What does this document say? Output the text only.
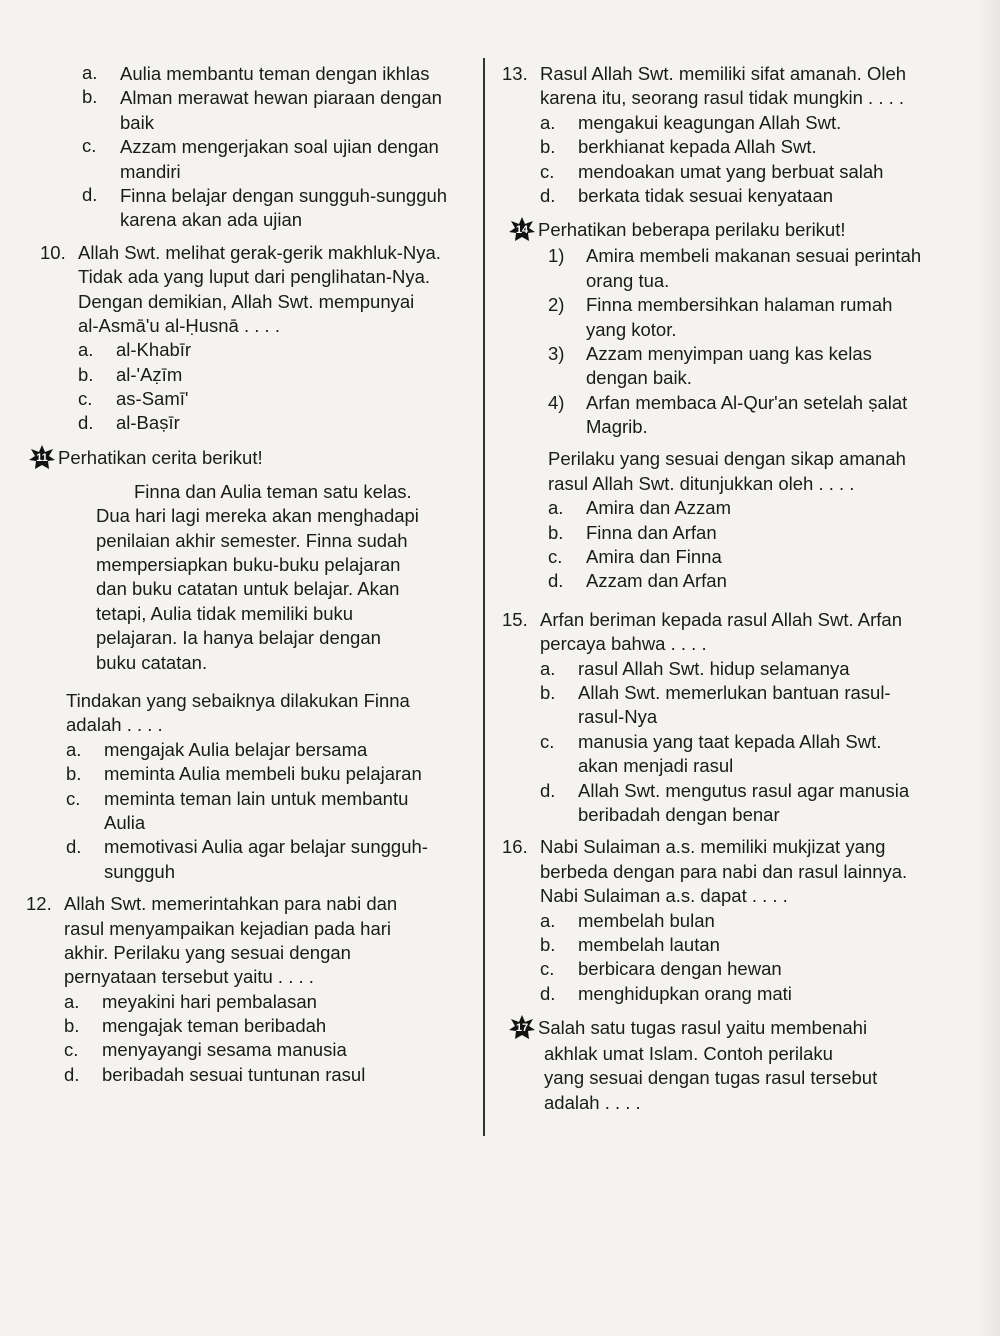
a.	Aulia membantu teman dengan ikhlas
b.	Alman merawat hewan piaraan dengan
baik
c.	Azzam mengerjakan soal ujian dengan
mandiri
d.	Finna belajar dengan sungguh-sungguh
karena akan ada ujian
10. Allah Swt. melihat gerak-gerik makhluk-Nya.
Tidak ada yang luput dari penglihatan-Nya.
Dengan demikian, Allah Swt. mempunyai
al-Asmā'u al-Ḥusnā . . . .
a.	al-Khabīr
b.	al-'Aẓīm
c.	as-Samī'
d.	al-Baṣīr
11 Perhatikan cerita berikut!
Finna dan Aulia teman satu kelas.
Dua hari lagi mereka akan menghadapi
penilaian akhir semester. Finna sudah
mempersiapkan buku-buku pelajaran
dan buku catatan untuk belajar. Akan
tetapi, Aulia tidak memiliki buku
pelajaran. Ia hanya belajar dengan
buku catatan.
Tindakan yang sebaiknya dilakukan Finna
adalah . . . .
a.	mengajak Aulia belajar bersama
b.	meminta Aulia membeli buku pelajaran
c.	meminta teman lain untuk membantu
Aulia
d.	memotivasi Aulia agar belajar sungguh-
sungguh
12. Allah Swt. memerintahkan para nabi dan
rasul menyampaikan kejadian pada hari
akhir. Perilaku yang sesuai dengan
pernyataan tersebut yaitu . . . .
a.	meyakini hari pembalasan
b.	mengajak teman beribadah
c.	menyayangi sesama manusia
d.	beribadah sesuai tuntunan rasul
13. Rasul Allah Swt. memiliki sifat amanah. Oleh
karena itu, seorang rasul tidak mungkin . . . .
a.	mengakui keagungan Allah Swt.
b.	berkhianat kepada Allah Swt.
c.	mendoakan umat yang berbuat salah
d.	berkata tidak sesuai kenyataan
14 Perhatikan beberapa perilaku berikut!
1)	Amira membeli makanan sesuai perintah
orang tua.
2)	Finna membersihkan halaman rumah
yang kotor.
3)	Azzam menyimpan uang kas kelas
dengan baik.
4)	Arfan membaca Al-Qur'an setelah ṣalat
Magrib.
Perilaku yang sesuai dengan sikap amanah
rasul Allah Swt. ditunjukkan oleh . . . .
a.	Amira dan Azzam
b.	Finna dan Arfan
c.	Amira dan Finna
d.	Azzam dan Arfan
15. Arfan beriman kepada rasul Allah Swt. Arfan
percaya bahwa . . . .
a.	rasul Allah Swt. hidup selamanya
b.	Allah Swt. memerlukan bantuan rasul-
rasul-Nya
c.	manusia yang taat kepada Allah Swt.
akan menjadi rasul
d.	Allah Swt. mengutus rasul agar manusia
beribadah dengan benar
16. Nabi Sulaiman a.s. memiliki mukjizat yang
berbeda dengan para nabi dan rasul lainnya.
Nabi Sulaiman a.s. dapat . . . .
a.	membelah bulan
b.	membelah lautan
c.	berbicara dengan hewan
d.	menghidupkan orang mati
17 Salah satu tugas rasul yaitu membenahi
akhlak umat Islam. Contoh perilaku
yang sesuai dengan tugas rasul tersebut
adalah . . . .
